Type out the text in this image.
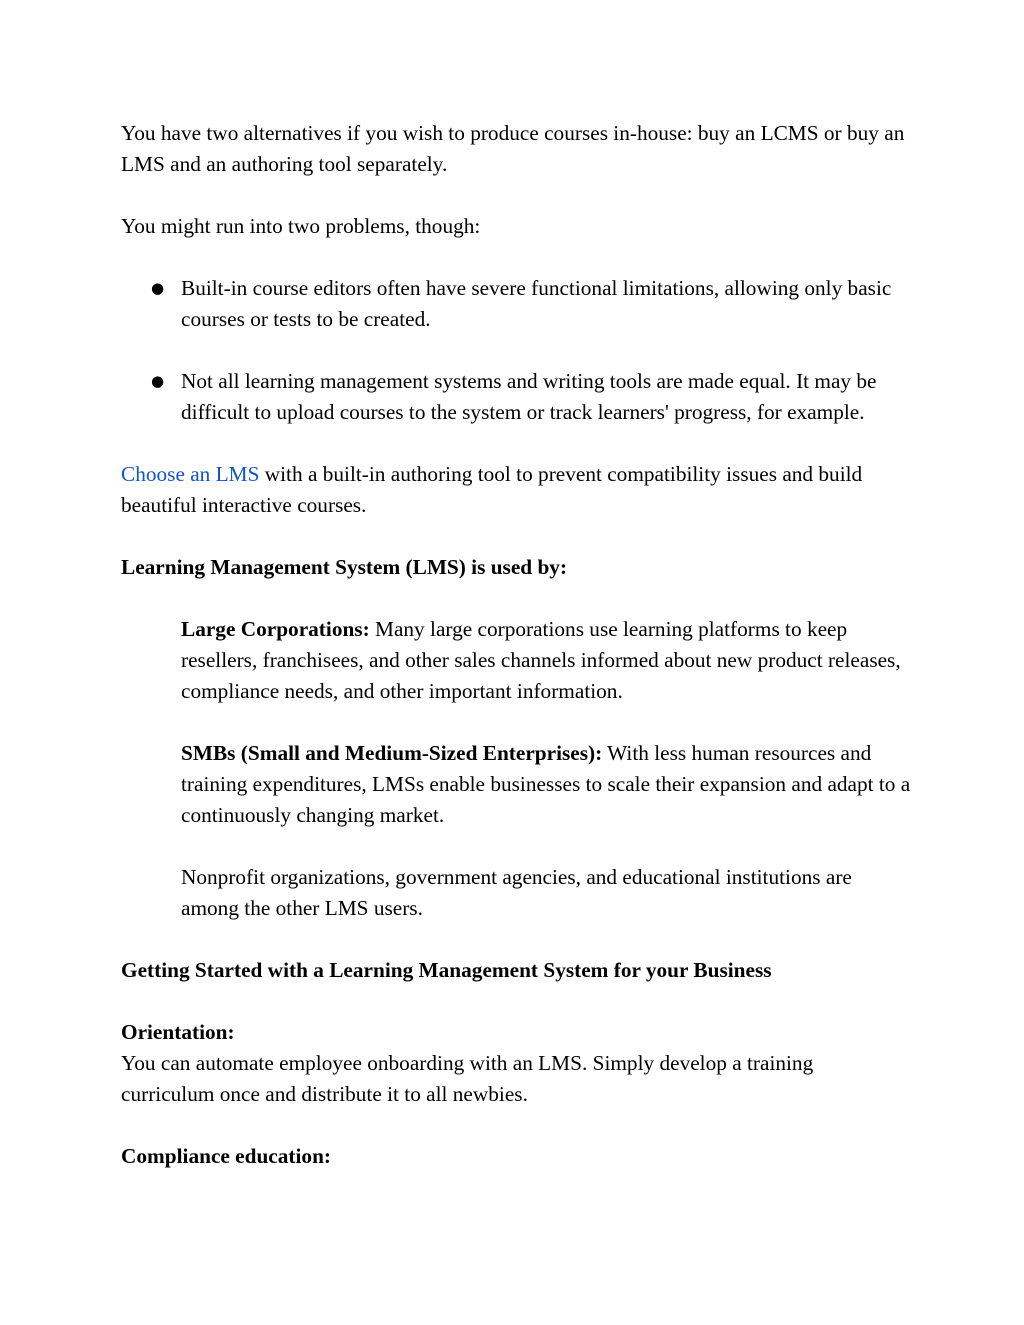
You have two alternatives if you wish to produce courses in-house: buy an LCMS or buy an LMS and an authoring tool separately.

You might run into two problems, though:

● Built-in course editors often have severe functional limitations, allowing only basic courses or tests to be created.
● Not all learning management systems and writing tools are made equal. It may be difficult to upload courses to the system or track learners' progress, for example.

Choose an LMS with a built-in authoring tool to prevent compatibility issues and build beautiful interactive courses.

Learning Management System (LMS) is used by:

Large Corporations: Many large corporations use learning platforms to keep resellers, franchisees, and other sales channels informed about new product releases, compliance needs, and other important information.

SMBs (Small and Medium-Sized Enterprises): With less human resources and training expenditures, LMSs enable businesses to scale their expansion and adapt to a continuously changing market.

Nonprofit organizations, government agencies, and educational institutions are among the other LMS users.

Getting Started with a Learning Management System for your Business

Orientation:

You can automate employee onboarding with an LMS. Simply develop a training curriculum once and distribute it to all newbies.

Compliance education:
